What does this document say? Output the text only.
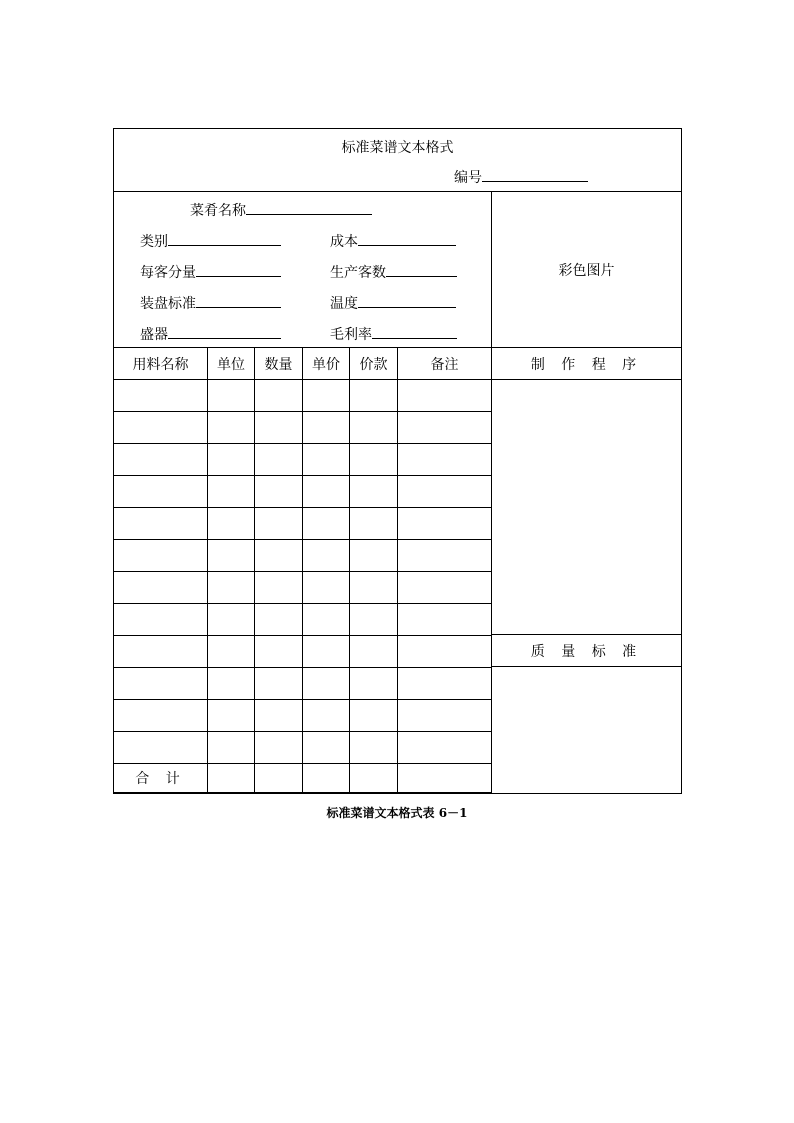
标准菜谱文本格式
编号
菜肴名称
类别	成本
每客分量	生产客数
装盘标准	温度
盛器	毛利率
彩色图片
用料名称	单位	数量	单价	价款	备注
合 计
制 作 程 序
质 量 标 准
标准菜谱文本格式表 6－1
